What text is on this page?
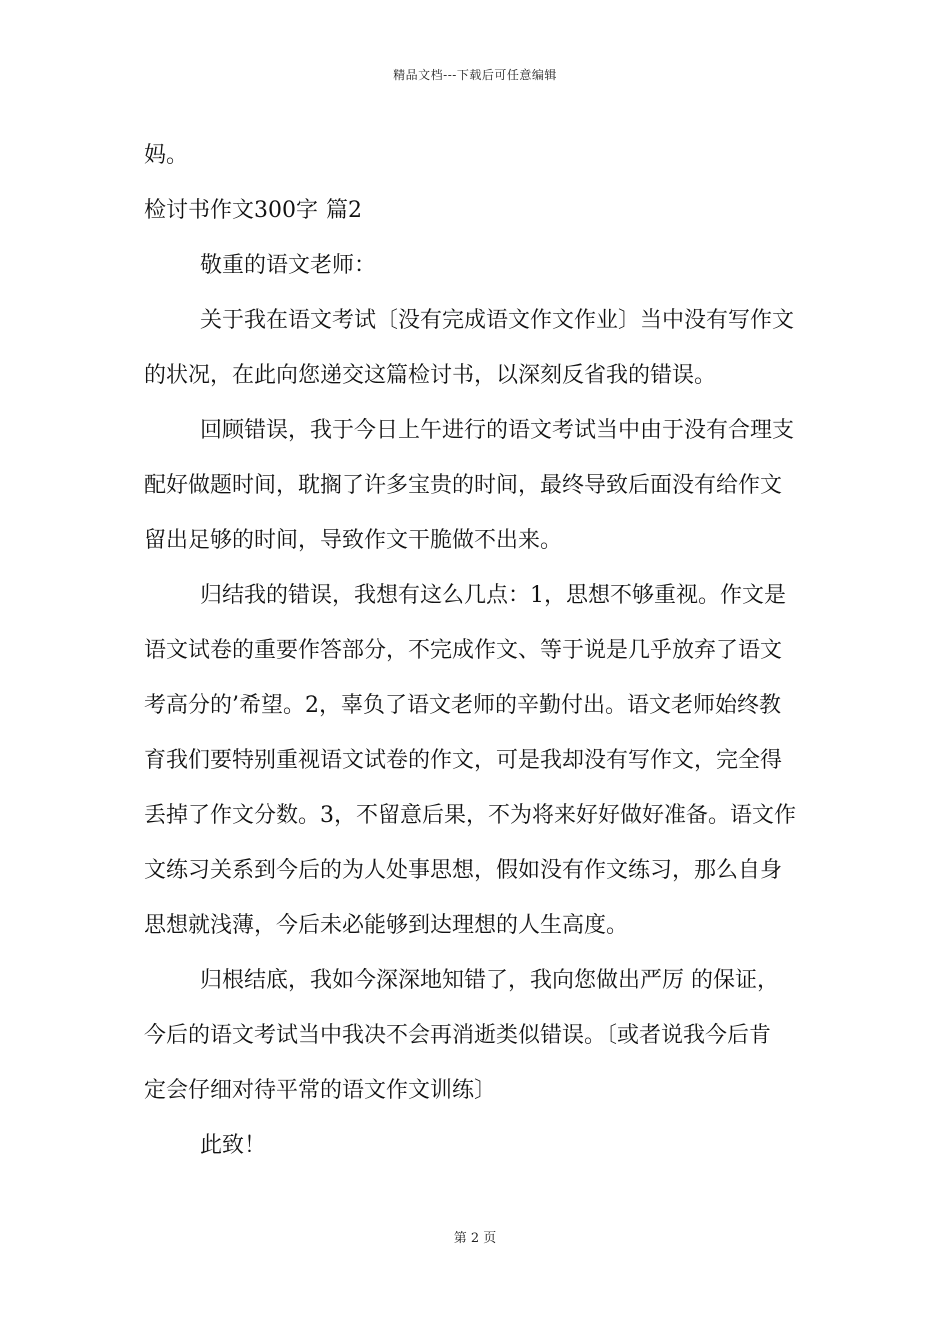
精品文档---下载后可任意编辑
妈。
检讨书作文300字 篇2
敬重的语文老师：
关于我在语文考试〔没有完成语文作文作业〕当中没有写作文
的状况，在此向您递交这篇检讨书，以深刻反省我的错误。
回顾错误，我于今日上午进行的语文考试当中由于没有合理支
配好做题时间，耽搁了许多宝贵的时间，最终导致后面没有给作文
留出足够的时间，导致作文干脆做不出来。
归结我的错误，我想有这么几点：1，思想不够重视。作文是
语文试卷的重要作答部分，不完成作文、等于说是几乎放弃了语文
考高分的’希望。2，辜负了语文老师的辛勤付出。语文老师始终教
育我们要特别重视语文试卷的作文，可是我却没有写作文，完全得
丢掉了作文分数。3，不留意后果，不为将来好好做好准备。语文作
文练习关系到今后的为人处事思想，假如没有作文练习，那么自身
思想就浅薄，今后未必能够到达理想的人生高度。
归根结底，我如今深深地知错了，我向您做出严厉 的保证，
今后的语文考试当中我决不会再消逝类似错误。〔或者说我今后肯
定会仔细对待平常的语文作文训练〕
此致！
第 2 页
